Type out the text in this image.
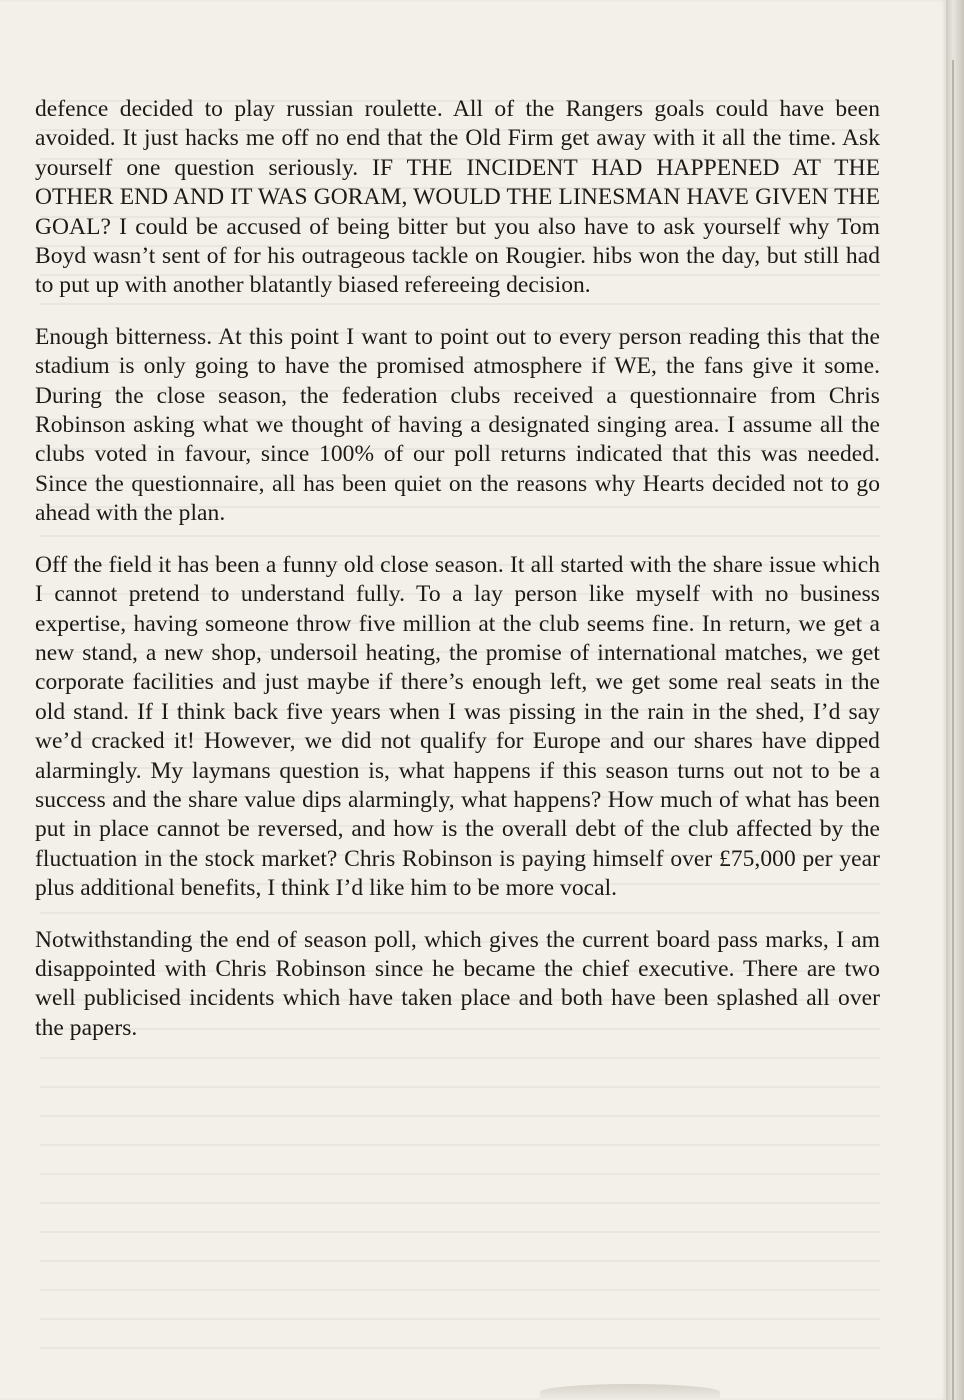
defence decided to play russian roulette. All of the Rangers goals could have been avoided. It just hacks me off no end that the Old Firm get away with it all the time. Ask yourself one question seriously. IF THE INCIDENT HAD HAPPENED AT THE OTHER END AND IT WAS GORAM, WOULD THE LINESMAN HAVE GIVEN THE GOAL? I could be accused of being bitter but you also have to ask yourself why Tom Boyd wasn’t sent of for his outrageous tackle on Rougier. hibs won the day, but still had to put up with another blatantly biased refereeing decision.

Enough bitterness. At this point I want to point out to every person reading this that the stadium is only going to have the promised atmosphere if WE, the fans give it some. During the close season, the federation clubs received a questionnaire from Chris Robinson asking what we thought of having a designated singing area. I assume all the clubs voted in favour, since 100% of our poll returns indicated that this was needed. Since the questionnaire, all has been quiet on the reasons why Hearts decided not to go ahead with the plan.

Off the field it has been a funny old close season. It all started with the share issue which I cannot pretend to understand fully. To a lay person like myself with no business expertise, having someone throw five million at the club seems fine. In return, we get a new stand, a new shop, undersoil heating, the promise of international matches, we get corporate facilities and just maybe if there’s enough left, we get some real seats in the old stand. If I think back five years when I was pissing in the rain in the shed, I’d say we’d cracked it! However, we did not qualify for Europe and our shares have dipped alarmingly. My laymans question is, what happens if this season turns out not to be a success and the share value dips alarmingly, what happens? How much of what has been put in place cannot be reversed, and how is the overall debt of the club affected by the fluctuation in the stock market? Chris Robinson is paying himself over £75,000 per year plus additional benefits, I think I’d like him to be more vocal.

Notwithstanding the end of season poll, which gives the current board pass marks, I am disappointed with Chris Robinson since he became the chief executive. There are two well publicised incidents which have taken place and both have been splashed all over the papers.
